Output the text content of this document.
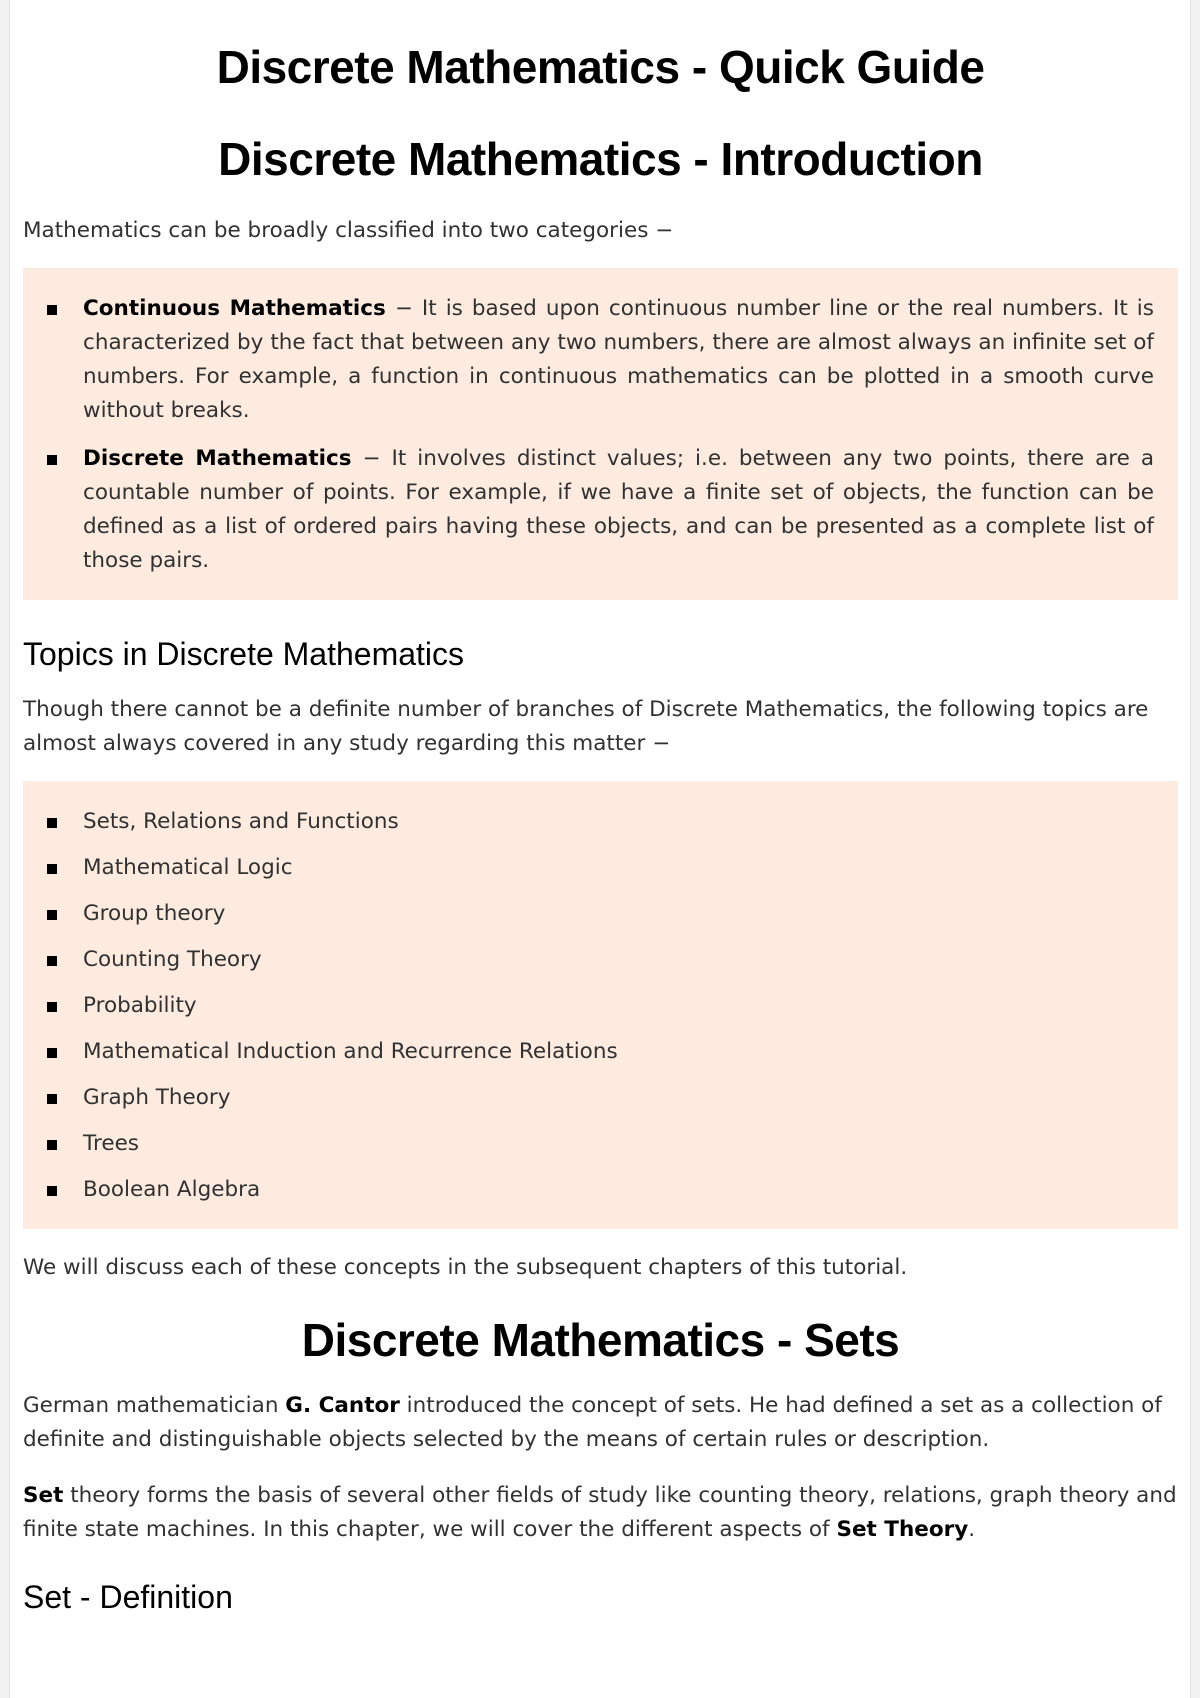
Discrete Mathematics - Quick Guide
Discrete Mathematics - Introduction

Mathematics can be broadly classified into two categories −

Continuous Mathematics − It is based upon continuous number line or the real numbers. It is characterized by the fact that between any two numbers, there are almost always an infinite set of numbers. For example, a function in continuous mathematics can be plotted in a smooth curve without breaks.
Discrete Mathematics − It involves distinct values; i.e. between any two points, there are a countable number of points. For example, if we have a finite set of objects, the function can be defined as a list of ordered pairs having these objects, and can be presented as a complete list of those pairs.
Topics in Discrete Mathematics

Though there cannot be a definite number of branches of Discrete Mathematics, the following topics are almost always covered in any study regarding this matter −

Sets, Relations and Functions
Mathematical Logic
Group theory
Counting Theory
Probability
Mathematical Induction and Recurrence Relations
Graph Theory
Trees
Boolean Algebra

We will discuss each of these concepts in the subsequent chapters of this tutorial.

Discrete Mathematics - Sets

German mathematician G. Cantor introduced the concept of sets. He had defined a set as a collection of definite and distinguishable objects selected by the means of certain rules or description.

Set theory forms the basis of several other fields of study like counting theory, relations, graph theory and finite state machines. In this chapter, we will cover the different aspects of Set Theory.

Set - Definition
